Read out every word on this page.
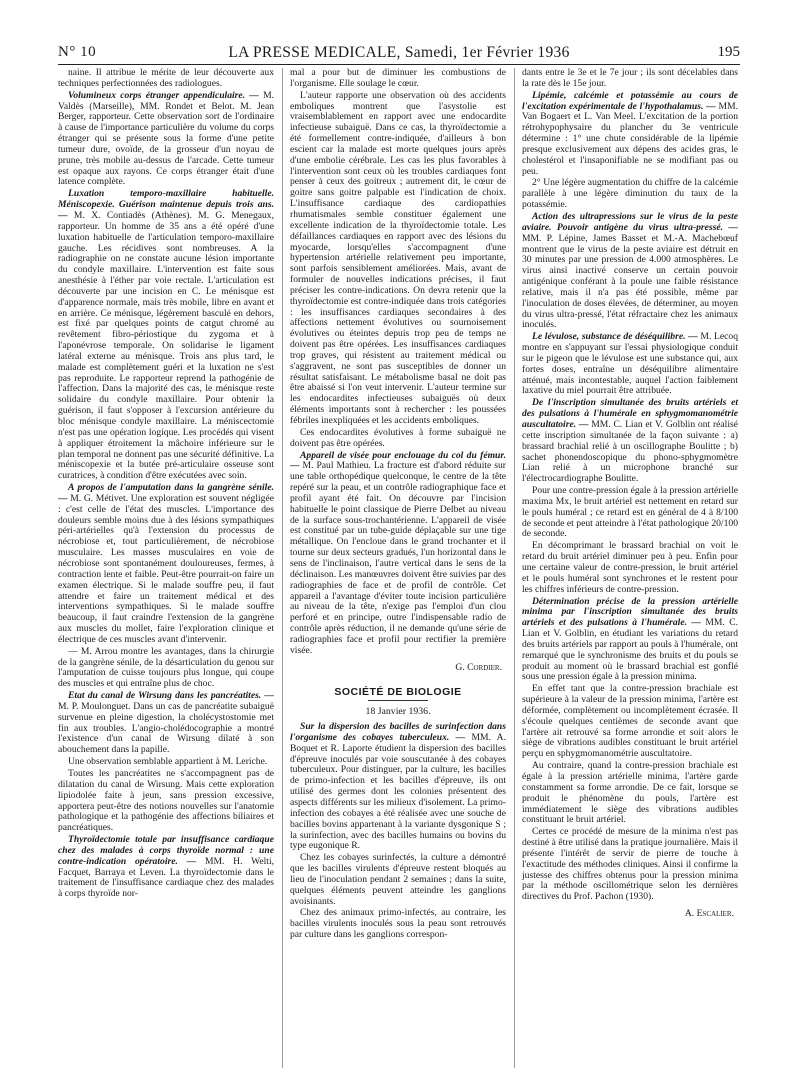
N° 10	LA PRESSE MEDICALE, Samedi, 1er Février 1936	195

naine. Il attribue le mérite de leur découverte aux techniques perfectionnées des radiologues.

Volumineux corps étranger appendiculaire. — M. Valdès (Marseille), MM. Rondet et Belot. M. Jean Berger, rapporteur. Cette observation sort de l'ordinaire à cause de l'importance particulière du volume du corps étranger qui se présente sous la forme d'une petite tumeur dure, ovoïde, de la grosseur d'un noyau de prune, très mobile au-dessus de l'arcade. Cette tumeur est opaque aux rayons. Ce corps étranger était d'une latence complète.

Luxation temporo-maxillaire habituelle. Méniscopexie. Guérison maintenue depuis trois ans. — M. X. Contiadès (Athènes). M. G. Menegaux, rapporteur. Un homme de 35 ans a été opéré d'une luxation habituelle de l'articulation temporo-maxillaire gauche. Les récidives sont nombreuses. A la radiographie on ne constate aucune lésion importante du condyle maxillaire. L'intervention est faite sous anesthésie à l'éther par voie rectale. L'articulation est découverte par une incision en C. Le ménisque est d'apparence normale, mais très mobile, libre en avant et en arrière. Ce ménisque, légèrement basculé en dehors, est fixé par quelques points de catgut chromé au revêtement fibro-périostique du zygoma et à l'aponévrose temporale. On solidarise le ligament latéral externe au ménisque. Trois ans plus tard, le malade est complètement guéri et la luxation ne s'est pas reproduite. Le rapporteur reprend la pathogénie de l'affection. Dans la majorité des cas, le ménisque reste solidaire du condyle maxillaire. Pour obtenir la guérison, il faut s'opposer à l'excursion antérieure du bloc ménisque condyle maxillaire. La méniscectomie n'est pas une opération logique. Les procédés qui visent à appliquer étroitement la mâchoire inférieure sur le plan temporal ne donnent pas une sécurité définitive. La méniscopexie et la butée pré-articulaire osseuse sont curatrices, à condition d'être exécutées avec soin.

A propos de l'amputation dans la gangrène sénile. — M. G. Métivet. Une exploration est souvent négligée : c'est celle de l'état des muscles. L'importance des douleurs semble moins due à des lésions sympathiques péri-artérielles qu'à l'extension du processus de nécrobiose et, tout particulièrement, de nécrobiose musculaire. Les masses musculaires en voie de nécrobiose sont spontanément douloureuses, fermes, à contraction lente et faible. Peut-être pourrait-on faire un examen électrique. Si le malade souffre peu, il faut attendre et faire un traitement médical et des interventions sympathiques. Si le malade souffre beaucoup, il faut craindre l'extension de la gangrène aux muscles du mollet, faire l'exploration clinique et électrique de ces muscles avant d'intervenir.

— M. Arrou montre les avantages, dans la chirurgie de la gangrène sénile, de la désarticulation du genou sur l'amputation de cuisse toujours plus longue, qui coupe des muscles et qui entraîne plus de choc.

Etat du canal de Wirsung dans les pancréatites. — M. P. Moulonguet. Dans un cas de pancréatite subaiguë survenue en pleine digestion, la cholécystostomie met fin aux troubles. L'angio-cholédocographie a montré l'existence d'un canal de Wirsung dilaté à son abouchement dans la papille.

Une observation semblable appartient à M. Leriche.

Toutes les pancréatites ne s'accompagnent pas de dilatation du canal de Wirsung. Mais cette exploration lipiodolée faite à jeun, sans pression excessive, apportera peut-être des notions nouvelles sur l'anatomie pathologique et la pathogénie des affections biliaires et pancréatiques.

Thyroïdectomie totale par insuffisance cardiaque chez des malades à corps thyroïde normal : une contre-indication opératoire. — MM. H. Welti, Facquet, Barraya et Leven. La thyroïdectomie dans le traitement de l'insuffisance cardiaque chez des malades à corps thyroïde nor-

mal a pour but de diminuer les combustions de l'organisme. Elle soulage le cœur.

L'auteur rapporte une observation où des accidents emboliques montrent que l'asystolie est vraisemblablement en rapport avec une endocardite infectieuse subaiguë. Dans ce cas, la thyroïdectomie a été formellement contre-indiquée, d'ailleurs à bon escient car la malade est morte quelques jours après d'une embolie cérébrale. Les cas les plus favorables à l'intervention sont ceux où les troubles cardiaques font penser à ceux des goitreux ; autrement dit, le cœur de goitre sans goitre palpable est l'indication de choix. L'insuffisance cardiaque des cardiopathies rhumatismales semble constituer également une excellente indication de la thyroïdectomie totale. Les défaillances cardiaques en rapport avec des lésions du myocarde, lorsqu'elles s'accompagnent d'une hypertension artérielle relativement peu importante, sont parfois sensiblement améliorées. Mais, avant de formuler de nouvelles indications précises, il faut préciser les contre-indications. On devra retenir que la thyroïdectomie est contre-indiquée dans trois catégories : les insuffisances cardiaques secondaires à des affections nettement évolutives ou sournoisement évolutives ou éteintes depuis trop peu de temps ne doivent pas être opérées. Les insuffisances cardiaques trop graves, qui résistent au traitement médical ou s'aggravent, ne sont pas susceptibles de donner un résultat satisfaisant. Le métabolisme basal ne doit pas être abaissé si l'on veut intervenir. L'auteur termine sur les endocardites infectieuses subaiguës où deux éléments importants sont à rechercher : les poussées fébriles inexpliquées et les accidents emboliques.

Ces endocardites évolutives à forme subaiguë ne doivent pas être opérées.

Appareil de visée pour enclouage du col du fémur. — M. Paul Mathieu. La fracture est d'abord réduite sur une table orthopédique quelconque, le centre de la tête repéré sur la peau, et un contrôle radiographique face et profil ayant été fait. On découvre par l'incision habituelle le point classique de Pierre Delbet au niveau de la surface sous-trochantérienne. L'appareil de visée est constitué par un tube-guide déplaçable sur une tige métallique. On l'encloue dans le grand trochanter et il tourne sur deux secteurs gradués, l'un horizontal dans le sens de l'inclinaison, l'autre vertical dans le sens de la déclinaison. Les manœuvres doivent être suivies par des radiographies de face et de profil de contrôle. Cet appareil a l'avantage d'éviter toute incision particulière au niveau de la tête, n'exige pas l'emploi d'un clou perforé et en principe, outre l'indispensable radio de contrôle après réduction, il ne demande qu'une série de radiographies face et profil pour rectifier la première visée.

G. Cordier.

SOCIÉTÉ DE BIOLOGIE
18 Janvier 1936.

Sur la dispersion des bacilles de surinfection dans l'organisme des cobayes tuberculeux. — MM. A. Boquet et R. Laporte étudient la dispersion des bacilles d'épreuve inoculés par voie souscutanée à des cobayes tuberculeux. Pour distinguer, par la culture, les bacilles de primo-infection et les bacilles d'épreuve, ils ont utilisé des germes dont les colonies présentent des aspects différents sur les milieux d'isolement. La primo-infection des cobayes a été réalisée avec une souche de bacilles bovins appartenant à la variante dysgonique S ; la surinfection, avec des bacilles humains ou bovins du type eugonique R.

Chez les cobayes surinfectés, la culture a démontré que les bacilles virulents d'épreuve restent bloqués au lieu de l'inoculation pendant 2 semaines ; dans la suite, quelques éléments peuvent atteindre les ganglions avoisinants.

Chez des animaux primo-infectés, au contraire, les bacilles virulents inoculés sous la peau sont retrouvés par culture dans les ganglions correspon-

dants entre le 3e et le 7e jour ; ils sont décelables dans la rate dès le 15e jour.

Lipémie, calcémie et potassémie au cours de l'excitation expérimentale de l'hypothalamus. — MM. Van Bogaert et L. Van Meel. L'excitation de la portion rétrohypophysaire du plancher du 3e ventricule détermine : 1° une chute considérable de la lipémie presque exclusivement aux dépens des acides gras, le cholestérol et l'insaponifiable ne se modifiant pas ou peu.

2° Une légère augmentation du chiffre de la calcémie parallèle à une légère diminution du taux de la potassémie.

Action des ultrapressions sur le virus de la peste aviaire. Pouvoir antigène du virus ultra-pressé. — MM. P. Lépine, James Basset et M.-A. Machebœuf montrent que le virus de la peste aviaire est détruit en 30 minutes par une pression de 4.000 atmosphères. Le virus ainsi inactivé conserve un certain pouvoir antigénique conférant à la poule une faible résistance relative, mais il n'a pas été possible, même par l'inoculation de doses élevées, de déterminer, au moyen du virus ultra-pressé, l'état réfractaire chez les animaux inoculés.

Le lévulose, substance de déséquilibre. — M. Lecoq montre en s'appuyant sur l'essai physiologique conduit sur le pigeon que le lévulose est une substance qui, aux fortes doses, entraîne un déséquilibre alimentaire atténué, mais incontestable, auquel l'action faiblement laxative du miel pourrait être attribuée.

De l'inscription simultanée des bruits artériels et des pulsations à l'humérale en sphygmomanométrie auscultatoire. — MM. C. Lian et V. Golblin ont réalisé cette inscription simultanée de la façon suivante : a) brassard brachial relié à un oscillographe Boulitte ; b) sachet phonendoscopique du phono-sphygmomètre Lian relié à un microphone branché sur l'électrocardiographe Boulitte.

Pour une contre-pression égale à la pression artérielle maxima Mx, le bruit artériel est nettement en retard sur le pouls huméral ; ce retard est en général de 4 à 8/100 de seconde et peut atteindre à l'état pathologique 20/100 de seconde.

En décomprimant le brassard brachial on voit le retard du bruit artériel diminuer peu à peu. Enfin pour une certaine valeur de contre-pression, le bruit artériel et le pouls huméral sont synchrones et le restent pour les chiffres inférieurs de contre-pression.

Détermination précise de la pression artérielle minima par l'inscription simultanée des bruits artériels et des pulsations à l'humérale. — MM. C. Lian et V. Golblin, en étudiant les variations du retard des bruits artériels par rapport au pouls à l'humérale, ont remarqué que le synchronisme des bruits et du pouls se produit au moment où le brassard brachial est gonflé sous une pression égale à la pression minima.

En effet tant que la contre-pression brachiale est supérieure à la valeur de la pression minima, l'artère est déformée, complètement ou incomplètement écrasée. Il s'écoule quelques centièmes de seconde avant que l'artère ait retrouvé sa forme arrondie et soit alors le siège de vibrations audibles constituant le bruit artériel perçu en sphygmomanométrie auscultatoire.

Au contraire, quand la contre-pression brachiale est égale à la pression artérielle minima, l'artère garde constamment sa forme arrondie. De ce fait, lorsque se produit le phénomène du pouls, l'artère est immédiatement le siège des vibrations audibles constituant le bruit artériel.

Certes ce procédé de mesure de la minima n'est pas destiné à être utilisé dans la pratique journalière. Mais il présente l'intérêt de servir de pierre de touche à l'exactitude des méthodes cliniques. Ainsi il confirme la justesse des chiffres obtenus pour la pression minima par la méthode oscillométrique selon les dernières directives du Prof. Pachon (1930).

A. Escalier.
